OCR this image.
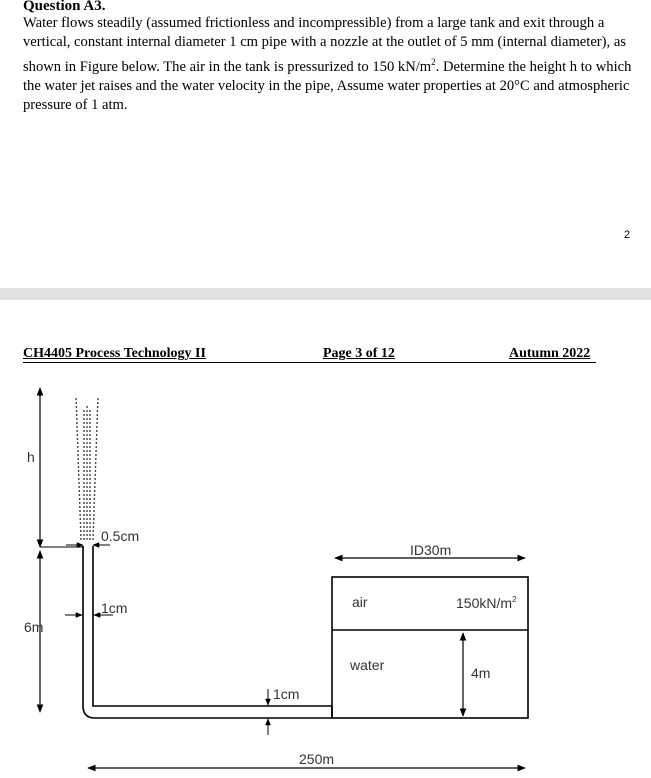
Question A3.
Water flows steadily (assumed frictionless and incompressible) from a large tank and exit through a vertical, constant internal diameter 1 cm pipe with a nozzle at the outlet of 5 mm (internal diameter), as shown in Figure below. The air in the tank is pressurized to 150 $kN/m^2$. Determine the height h to which the water jet raises and the water velocity in the pipe, Assume water properties at 20°C and atmospheric pressure of 1 atm.
2
CH4405 Process Technology II	Page 3 of 12	Autumn 2022
h
0.5cm
6m
1cm
ID30m
air	$150kN/m^2$
water	4m
1cm
250m
